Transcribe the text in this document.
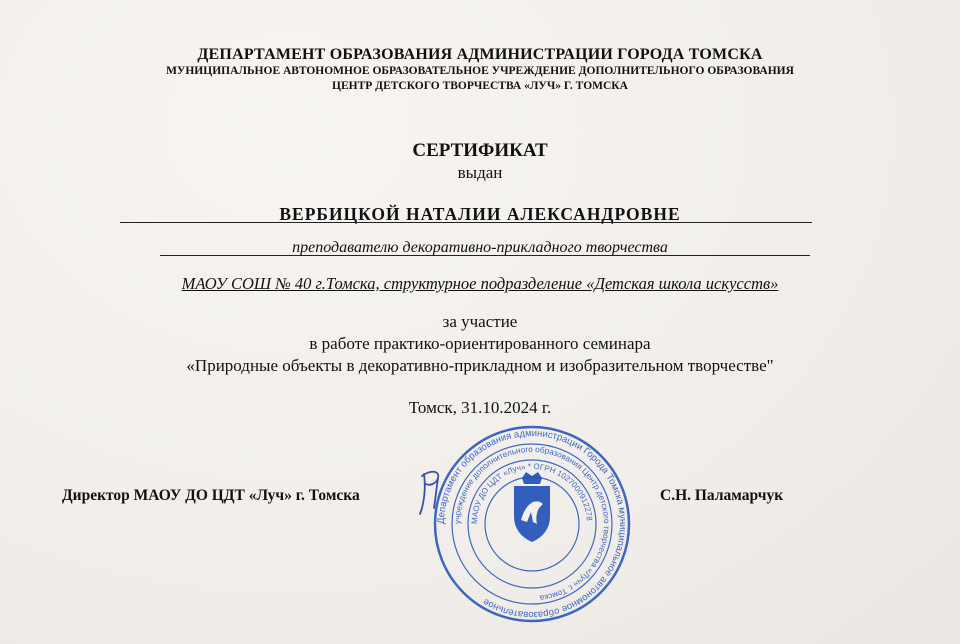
ДЕПАРТАМЕНТ ОБРАЗОВАНИЯ АДМИНИСТРАЦИИ ГОРОДА ТОМСКА
МУНИЦИПАЛЬНОЕ АВТОНОМНОЕ ОБРАЗОВАТЕЛЬНОЕ УЧРЕЖДЕНИЕ ДОПОЛНИТЕЛЬНОГО ОБРАЗОВАНИЯ
ЦЕНТР ДЕТСКОГО ТВОРЧЕСТВА «ЛУЧ» Г. ТОМСКА
СЕРТИФИКАТ
выдан
ВЕРБИЦКОЙ НАТАЛИИ АЛЕКСАНДРОВНЕ
преподавателю декоративно-прикладного творчества
МАОУ СОШ № 40 г.Томска, структурное подразделение «Детская школа искусств»
за участие
в работе практико-ориентированного семинара
«Природные объекты в декоративно-прикладном и изобразительном творчестве"
Томск, 31.10.2024 г.
Директор МАОУ ДО ЦДТ «Луч» г. Томска	С.Н. Паламарчук
Департамент образования администрации Города Томска муниципальное автономное образовательное
учреждение дополнительного образования Центр детского творчества «Луч» г. Томска
МАОУ ДО ЦДТ «Луч» * ОГРН 1027000912278
